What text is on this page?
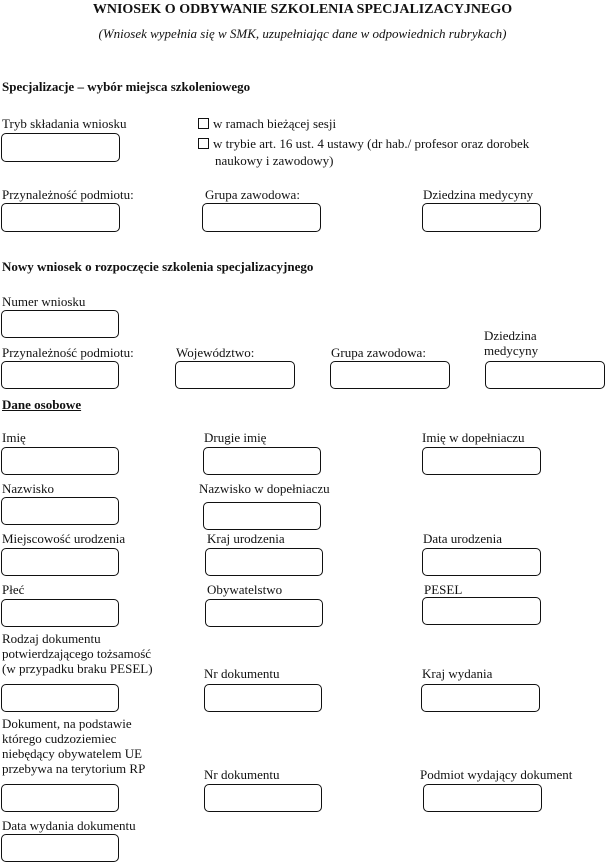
WNIOSEK O ODBYWANIE SZKOLENIA SPECJALIZACYJNEGO
(Wniosek wypełnia się w SMK, uzupełniając dane w odpowiednich rubrykach)
Specjalizacje – wybór miejsca szkoleniowego
Tryb składania wniosku	w ramach bieżącej sesji
w trybie art. 16 ust. 4 ustawy (dr hab./ profesor oraz dorobek
naukowy i zawodowy)
Przynależność podmiotu:	Grupa zawodowa:	Dziedzina medycyny
Nowy wniosek o rozpoczęcie szkolenia specjalizacyjnego
Numer wniosku
Przynależność podmiotu:	Województwo:	Grupa zawodowa:
Dziedzina
medycyny
Dane osobowe
Imię	Drugie imię	Imię w dopełniaczu
Nazwisko	Nazwisko w dopełniaczu
Miejscowość urodzenia	Kraj urodzenia	Data urodzenia
Płeć	Obywatelstwo	PESEL
Rodzaj dokumentu
potwierdzającego tożsamość
(w przypadku braku PESEL)	Nr dokumentu	Kraj wydania
Dokument, na podstawie
którego cudzoziemiec
niebędący obywatelem UE
przebywa na terytorium RP	Nr dokumentu	Podmiot wydający dokument
Data wydania dokumentu
